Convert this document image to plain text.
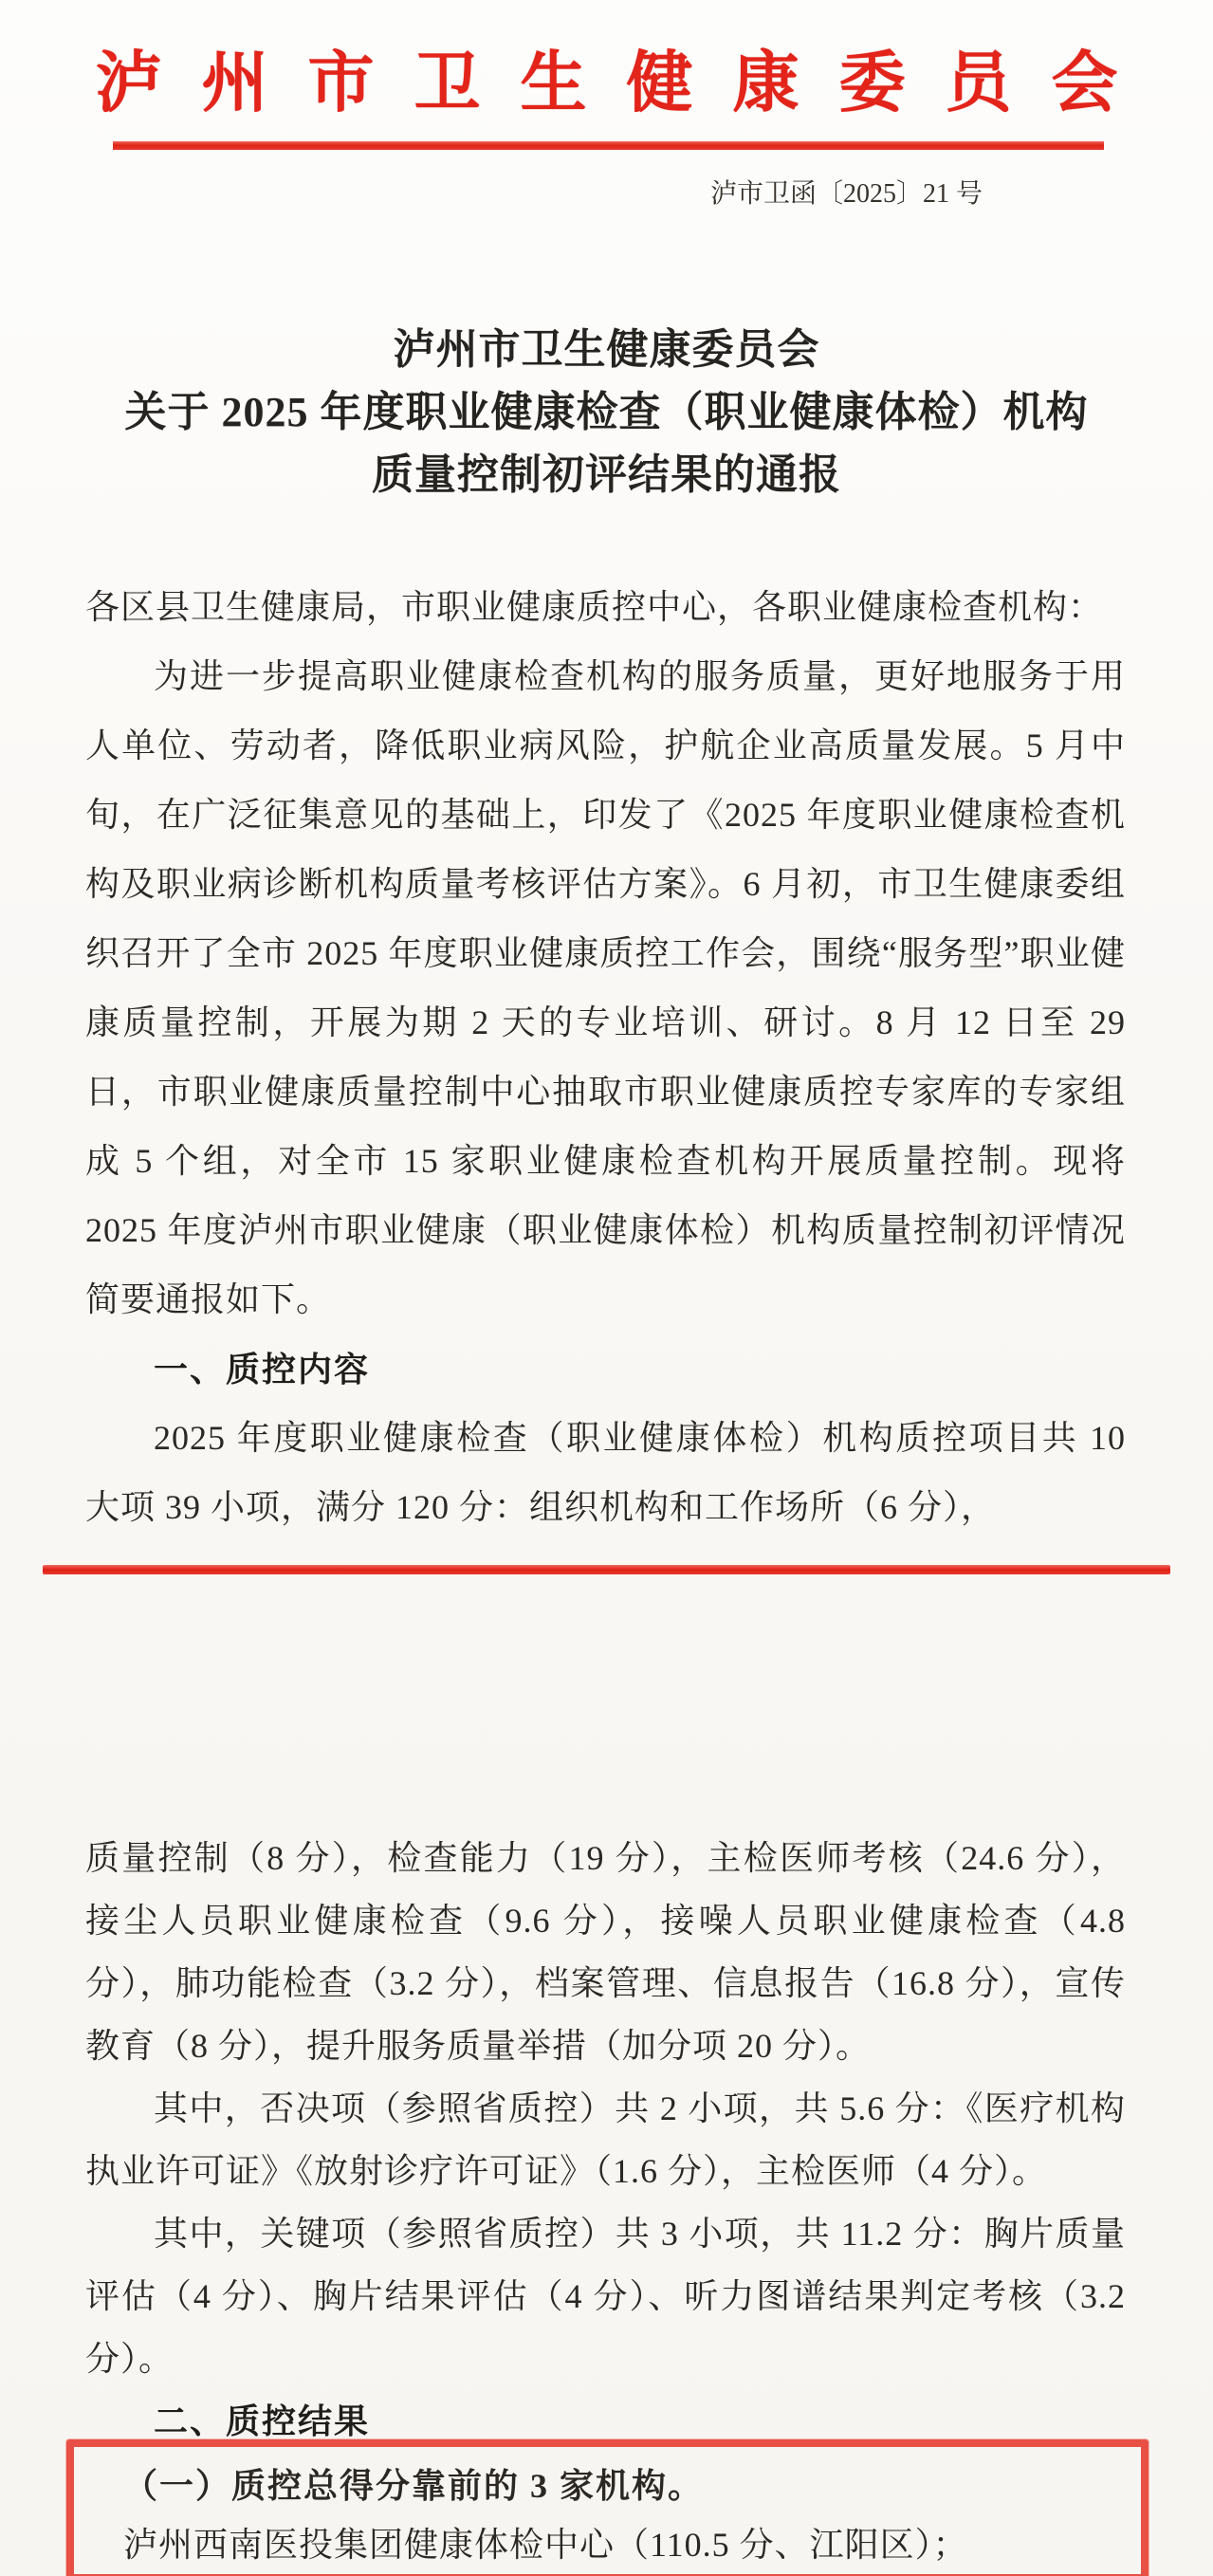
泸州市卫生健康委员会
泸市卫函〔2025〕21 号
泸州市卫生健康委员会
关于 2025 年度职业健康检查（职业健康体检）机构
质量控制初评结果的通报

各区县卫生健康局，市职业健康质控中心，各职业健康检查机构：

为进一步提高职业健康检查机构的服务质量，更好地服务于用人单位、劳动者，降低职业病风险，护航企业高质量发展。5 月中旬，在广泛征集意见的基础上，印发了《2025 年度职业健康检查机构及职业病诊断机构质量考核评估方案》。6 月初，市卫生健康委组织召开了全市 2025 年度职业健康质控工作会，围绕“服务型”职业健康质量控制，开展为期 2 天的专业培训、研讨。8 月 12 日至 29 日，市职业健康质量控制中心抽取市职业健康质控专家库的专家组成 5 个组，对全市 15 家职业健康检查机构开展质量控制。现将 2025 年度泸州市职业健康（职业健康体检）机构质量控制初评情况简要通报如下。

一、质控内容

2025 年度职业健康检查（职业健康体检）机构质控项目共 10 大项 39 小项，满分 120 分：组织机构和工作场所（6 分），

质量控制（8 分），检查能力（19 分），主检医师考核（24.6 分），接尘人员职业健康检查（9.6 分），接噪人员职业健康检查（4.8 分），肺功能检查（3.2 分），档案管理、信息报告（16.8 分），宣传教育（8 分），提升服务质量举措（加分项 20 分）。

其中，否决项（参照省质控）共 2 小项，共 5.6 分：《医疗机构执业许可证》《放射诊疗许可证》（1.6 分），主检医师（4 分）。

其中，关键项（参照省质控）共 3 小项，共 11.2 分：胸片质量评估（4 分）、胸片结果评估（4 分）、听力图谱结果判定考核（3.2 分）。

二、质控结果

（一）质控总得分靠前的 3 家机构。

泸州西南医投集团健康体检中心（110.5 分、江阳区）；
